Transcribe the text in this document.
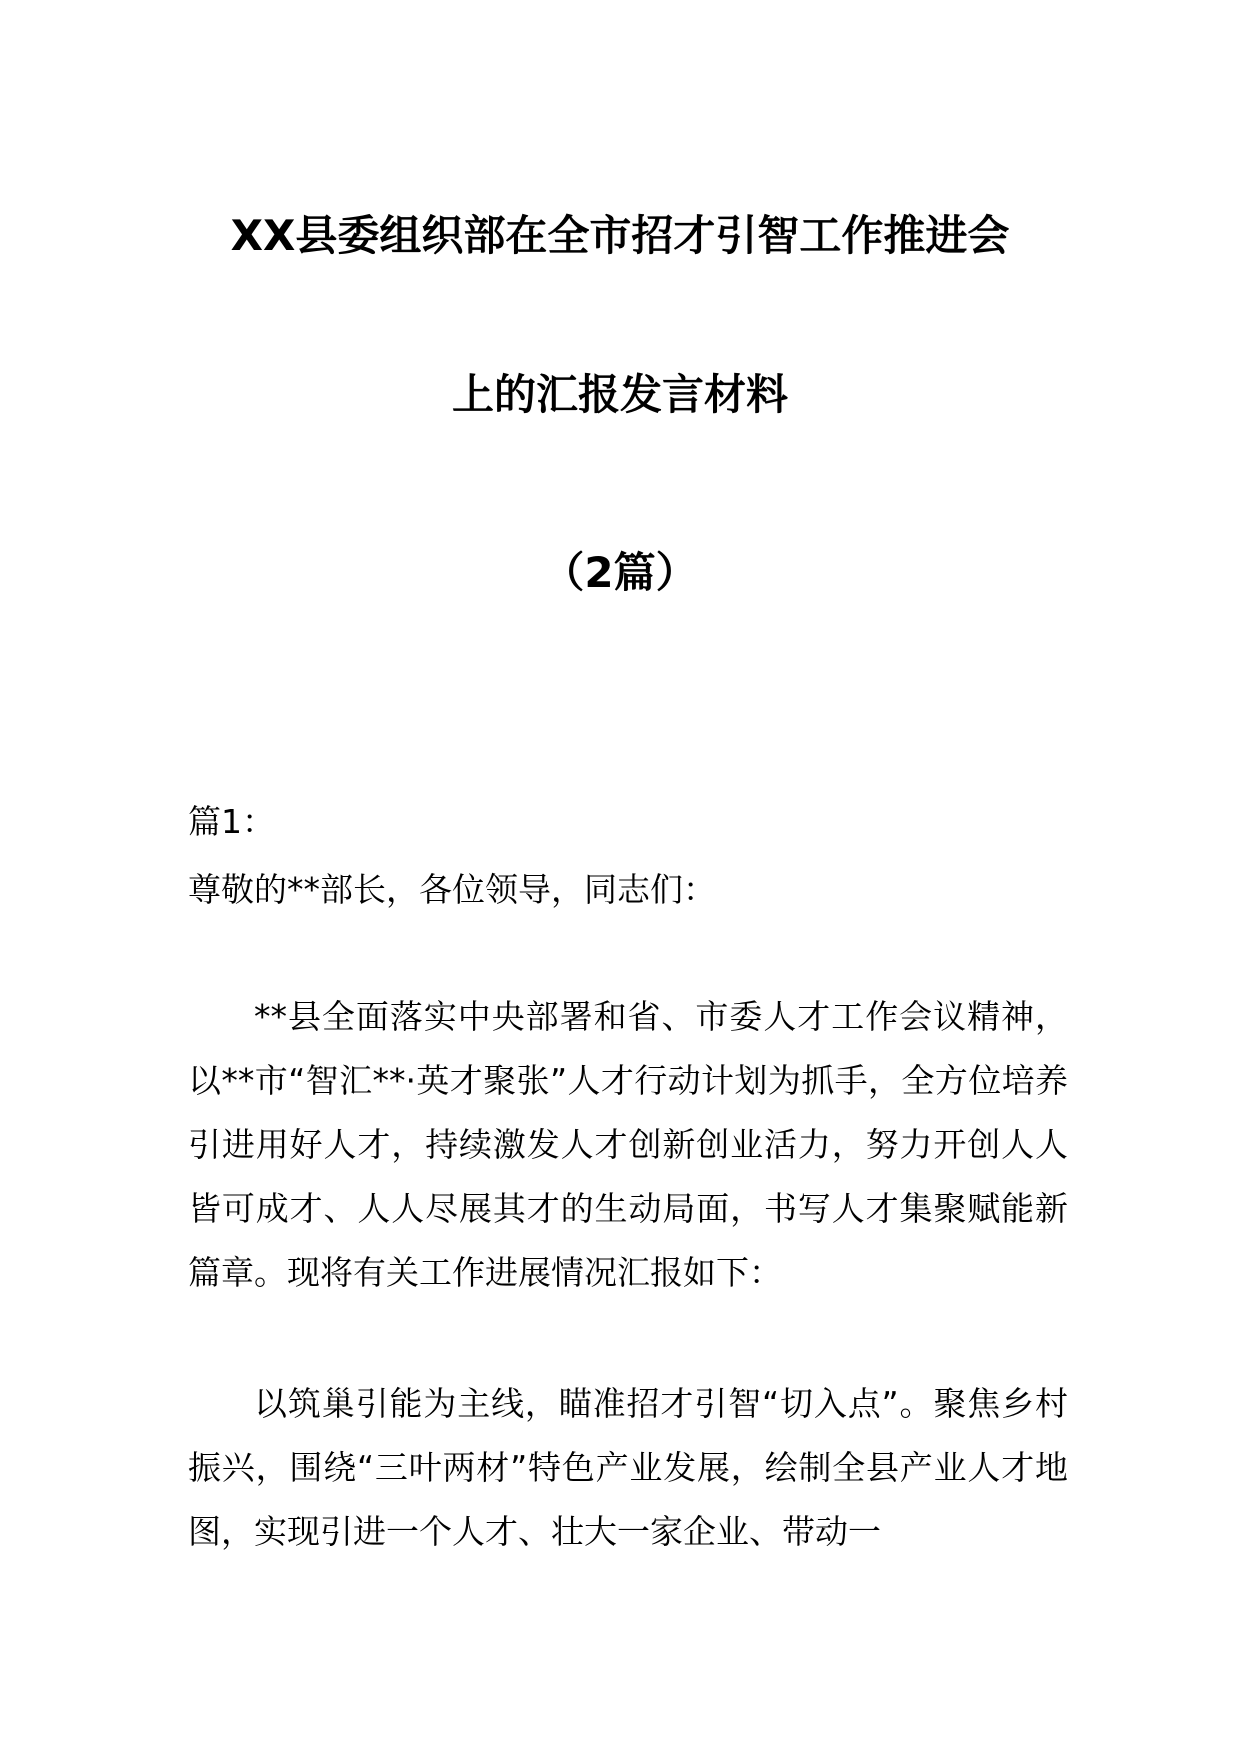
XX县委组织部在全市招才引智工作推进会
上的汇报发言材料
（2篇）
篇1：
尊敬的**部长，各位领导，同志们：

**县全面落实中央部署和省、市委人才工作会议精神，以**市“智汇**·英才聚张”人才行动计划为抓手，全方位培养引进用好人才，持续激发人才创新创业活力，努力开创人人皆可成才、人人尽展其才的生动局面，书写人才集聚赋能新篇章。现将有关工作进展情况汇报如下：

以筑巢引能为主线，瞄准招才引智“切入点”。聚焦乡村振兴，围绕“三叶两材”特色产业发展，绘制全县产业人才地图，实现引进一个人才、壮大一家企业、带动一
